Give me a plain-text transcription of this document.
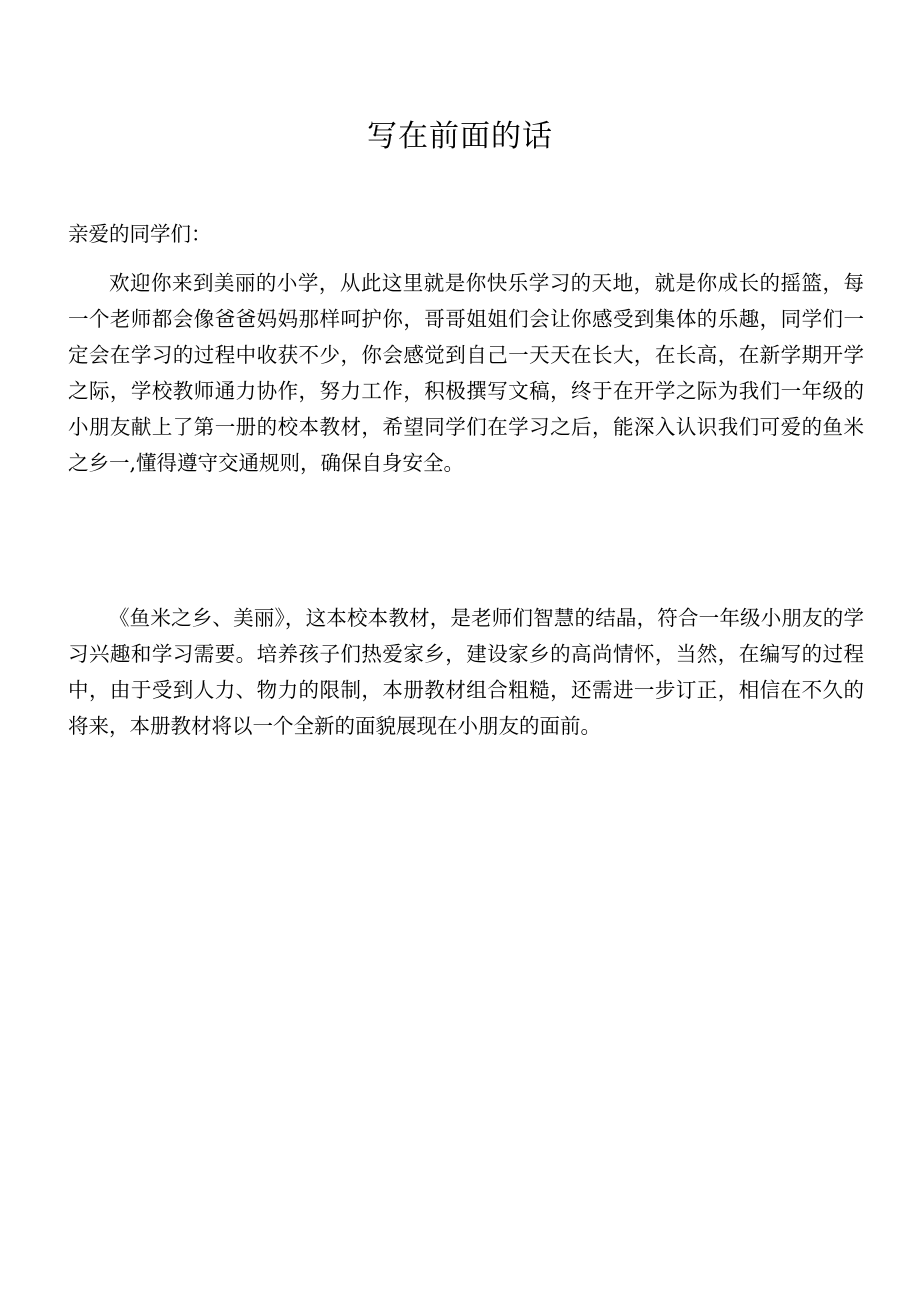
写在前面的话

亲爱的同学们：

欢迎你来到美丽的小学，从此这里就是你快乐学习的天地，就是你成长的摇篮，每一个老师都会像爸爸妈妈那样呵护你，哥哥姐姐们会让你感受到集体的乐趣，同学们一定会在学习的过程中收获不少，你会感觉到自己一天天在长大，在长高，在新学期开学之际，学校教师通力协作，努力工作，积极撰写文稿，终于在开学之际为我们一年级的小朋友献上了第一册的校本教材，希望同学们在学习之后，能深入认识我们可爱的鱼米之乡一,懂得遵守交通规则，确保自身安全。

《鱼米之乡、美丽》，这本校本教材，是老师们智慧的结晶，符合一年级小朋友的学习兴趣和学习需要。培养孩子们热爱家乡，建设家乡的高尚情怀，当然，在编写的过程中，由于受到人力、物力的限制，本册教材组合粗糙，还需进一步订正，相信在不久的将来，本册教材将以一个全新的面貌展现在小朋友的面前。
